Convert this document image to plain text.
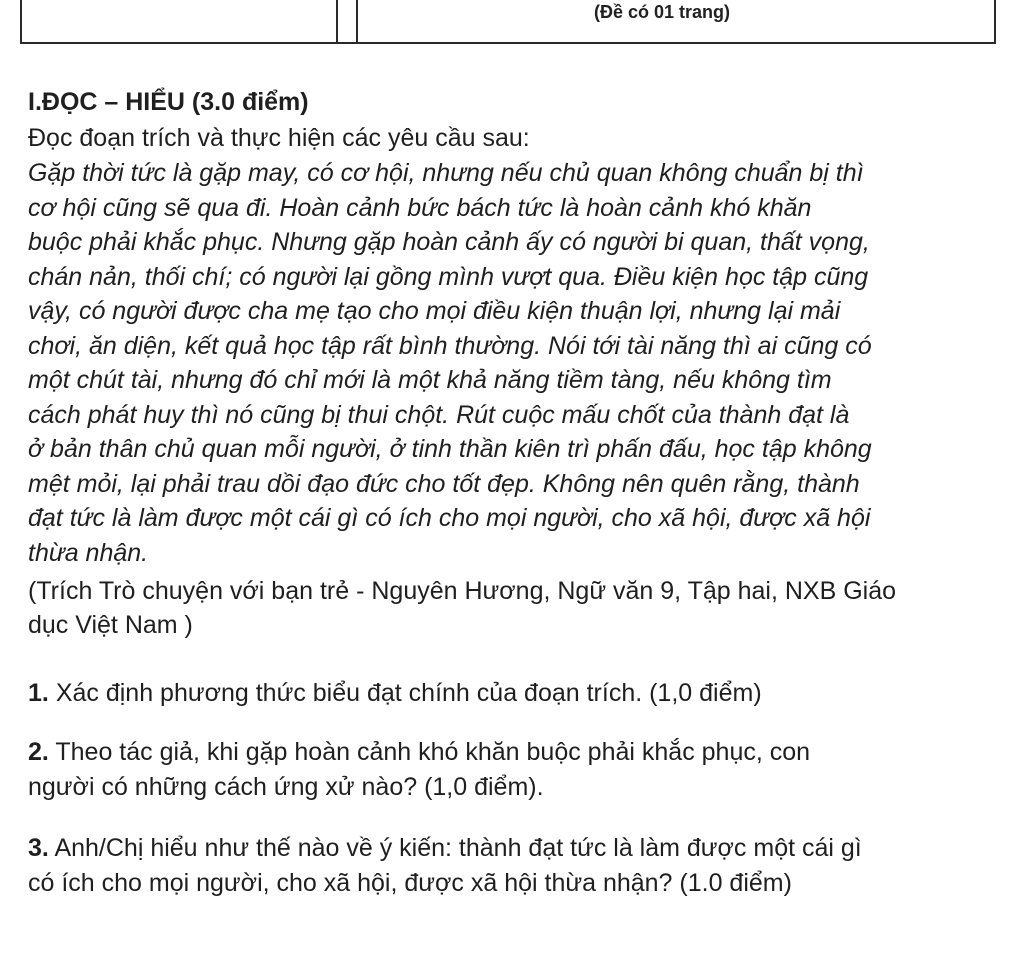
(Đề có 01 trang)

I.ĐỌC – HIỂU (3.0 điểm)

Đọc đoạn trích và thực hiện các yêu cầu sau:

Gặp thời tức là gặp may, có cơ hội, nhưng nếu chủ quan không chuẩn bị thì

cơ hội cũng sẽ qua đi. Hoàn cảnh bức bách tức là hoàn cảnh khó khăn

buộc phải khắc phục. Nhưng gặp hoàn cảnh ấy có người bi quan, thất vọng,

chán nản, thối chí; có người lại gồng mình vượt qua. Điều kiện học tập cũng

vậy, có người được cha mẹ tạo cho mọi điều kiện thuận lợi, nhưng lại mải

chơi, ăn diện, kết quả học tập rất bình thường. Nói tới tài năng thì ai cũng có

một chút tài, nhưng đó chỉ mới là một khả năng tiềm tàng, nếu không tìm

cách phát huy thì nó cũng bị thui chột. Rút cuộc mấu chốt của thành đạt là

ở bản thân chủ quan mỗi người, ở tinh thần kiên trì phấn đấu, học tập không

mệt mỏi, lại phải trau dồi đạo đức cho tốt đẹp. Không nên quên rằng, thành

đạt tức là làm được một cái gì có ích cho mọi người, cho xã hội, được xã hội

thừa nhận.

(Trích Trò chuyện với bạn trẻ - Nguyên Hương, Ngữ văn 9, Tập hai, NXB Giáo

dục Việt Nam )

1. Xác định phương thức biểu đạt chính của đoạn trích. (1,0 điểm)
2. Theo tác giả, khi gặp hoàn cảnh khó khăn buộc phải khắc phục, con
người có những cách ứng xử nào? (1,0 điểm).
3. Anh/Chị hiểu như thế nào về ý kiến: thành đạt tức là làm được một cái gì
có ích cho mọi người, cho xã hội, được xã hội thừa nhận? (1.0 điểm)
